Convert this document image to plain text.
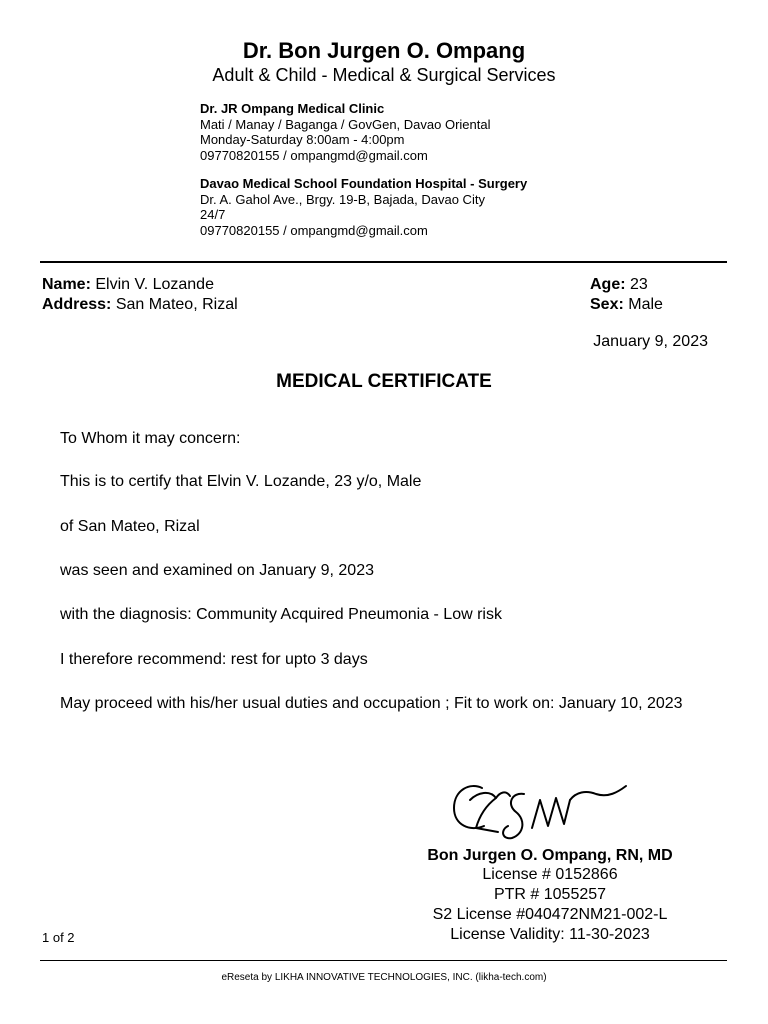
Dr. Bon Jurgen O. Ompang
Adult & Child - Medical & Surgical Services
Dr. JR Ompang Medical Clinic
Mati / Manay / Baganga / GovGen, Davao Oriental
Monday-Saturday 8:00am - 4:00pm
09770820155 / ompangmd@gmail.com
Davao Medical School Foundation Hospital - Surgery
Dr. A. Gahol Ave., Brgy. 19-B, Bajada, Davao City
24/7
09770820155 / ompangmd@gmail.com
Name: Elvin V. Lozande
Address: San Mateo, Rizal
Age: 23
Sex: Male
January 9, 2023
MEDICAL CERTIFICATE
To Whom it may concern:
This is to certify that Elvin V. Lozande, 23 y/o, Male
of San Mateo, Rizal
was seen and examined on January 9, 2023
with the diagnosis: Community Acquired Pneumonia - Low risk
I therefore recommend: rest for upto 3 days
May proceed with his/her usual duties and occupation ; Fit to work on: January 10, 2023
Bon Jurgen O. Ompang, RN, MD
License # 0152866
PTR # 1055257
S2 License #040472NM21-002-L
License Validity: 11-30-2023
1 of 2
eReseta by LIKHA INNOVATIVE TECHNOLOGIES, INC. (likha-tech.com)
